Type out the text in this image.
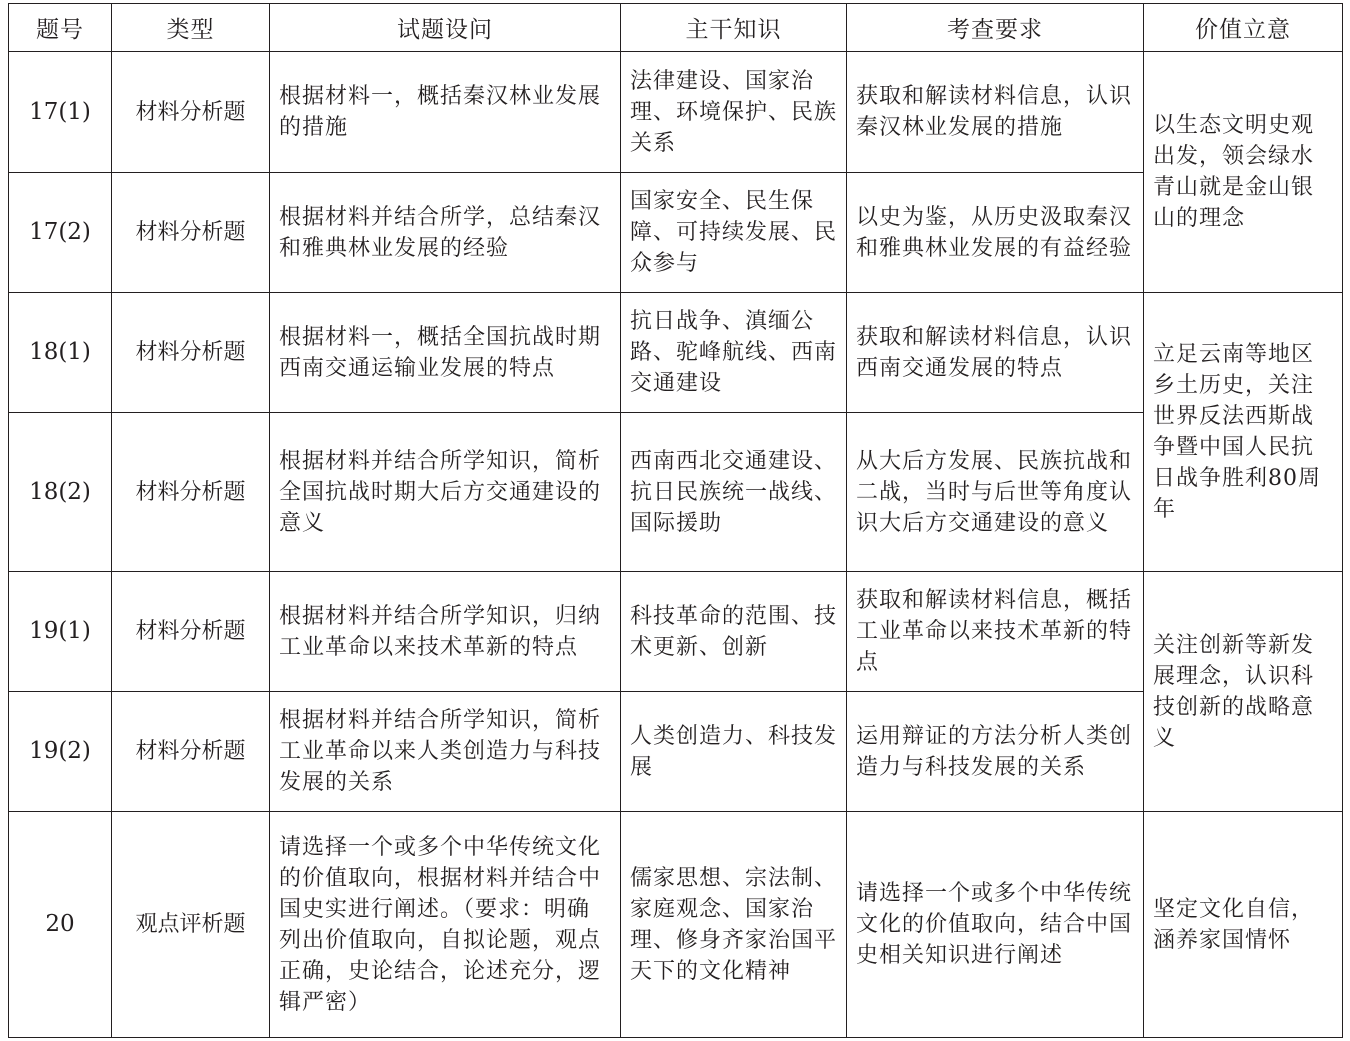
题号	类型	试题设问	主干知识	考查要求	价值立意
17(1)	材料分析题	根据材料一，概括秦汉林业发展的措施	法律建设、国家治理、环境保护、民族关系	获取和解读材料信息，认识秦汉林业发展的措施	以生态文明史观出发，领会绿水青山就是金山银山的理念
17(2)	材料分析题	根据材料并结合所学，总结秦汉和雅典林业发展的经验	国家安全、民生保障、可持续发展、民众参与	以史为鉴，从历史汲取秦汉和雅典林业发展的有益经验	
18(1)	材料分析题	根据材料一，概括全国抗战时期西南交通运输业发展的特点	抗日战争、滇缅公路、驼峰航线、西南交通建设	获取和解读材料信息，认识西南交通发展的特点	立足云南等地区乡土历史，关注世界反法西斯战争暨中国人民抗日战争胜利80周年
18(2)	材料分析题	根据材料并结合所学知识，简析全国抗战时期大后方交通建设的意义	西南西北交通建设、抗日民族统一战线、国际援助	从大后方发展、民族抗战和二战，当时与后世等角度认识大后方交通建设的意义	
19(1)	材料分析题	根据材料并结合所学知识，归纳工业革命以来技术革新的特点	科技革命的范围、技术更新、创新	获取和解读材料信息，概括工业革命以来技术革新的特点	关注创新等新发展理念，认识科技创新的战略意义
19(2)	材料分析题	根据材料并结合所学知识，简析工业革命以来人类创造力与科技发展的关系	人类创造力、科技发展	运用辩证的方法分析人类创造力与科技发展的关系	
20	观点评析题	请选择一个或多个中华传统文化的价值取向，根据材料并结合中国史实进行阐述。（要求：明确列出价值取向，自拟论题，观点正确，史论结合，论述充分，逻辑严密）	儒家思想、宗法制、家庭观念、国家治理、修身齐家治国平天下的文化精神	请选择一个或多个中华传统文化的价值取向，结合中国史相关知识进行阐述	坚定文化自信，涵养家国情怀
